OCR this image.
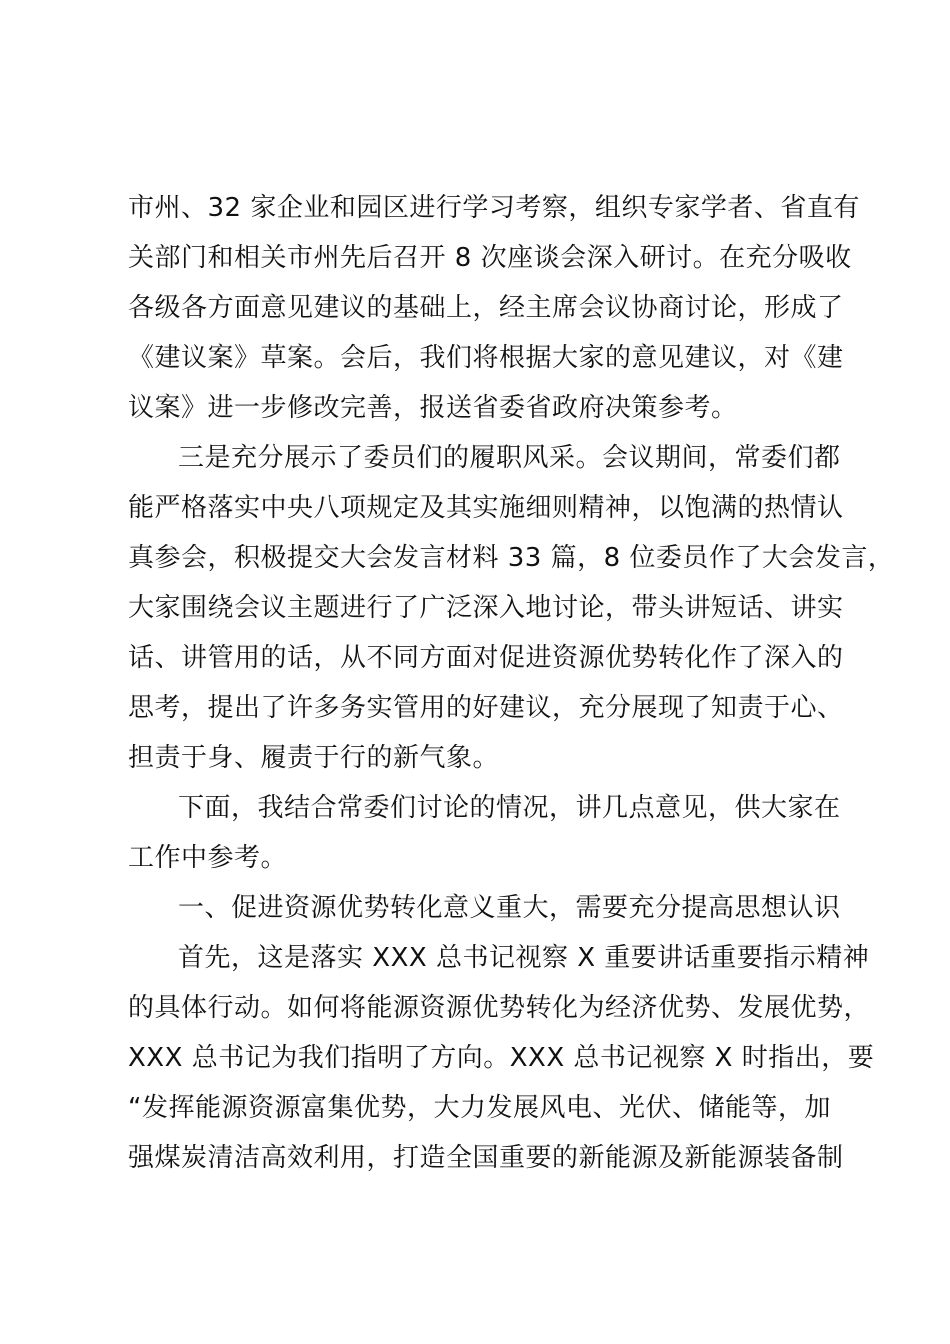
市州、32 家企业和园区进行学习考察，组织专家学者、省直有
关部门和相关市州先后召开 8 次座谈会深入研讨。在充分吸收
各级各方面意见建议的基础上，经主席会议协商讨论，形成了
《建议案》草案。会后，我们将根据大家的意见建议，对《建
议案》进一步修改完善，报送省委省政府决策参考。
三是充分展示了委员们的履职风采。会议期间，常委们都
能严格落实中央八项规定及其实施细则精神，以饱满的热情认
真参会，积极提交大会发言材料 33 篇，8 位委员作了大会发言，
大家围绕会议主题进行了广泛深入地讨论，带头讲短话、讲实
话、讲管用的话，从不同方面对促进资源优势转化作了深入的
思考，提出了许多务实管用的好建议，充分展现了知责于心、
担责于身、履责于行的新气象。
下面，我结合常委们讨论的情况，讲几点意见，供大家在
工作中参考。
一、促进资源优势转化意义重大，需要充分提高思想认识
首先，这是落实 XXX 总书记视察 X 重要讲话重要指示精神
的具体行动。如何将能源资源优势转化为经济优势、发展优势，
XXX 总书记为我们指明了方向。XXX 总书记视察 X 时指出，要
“发挥能源资源富集优势，大力发展风电、光伏、储能等，加
强煤炭清洁高效利用，打造全国重要的新能源及新能源装备制
